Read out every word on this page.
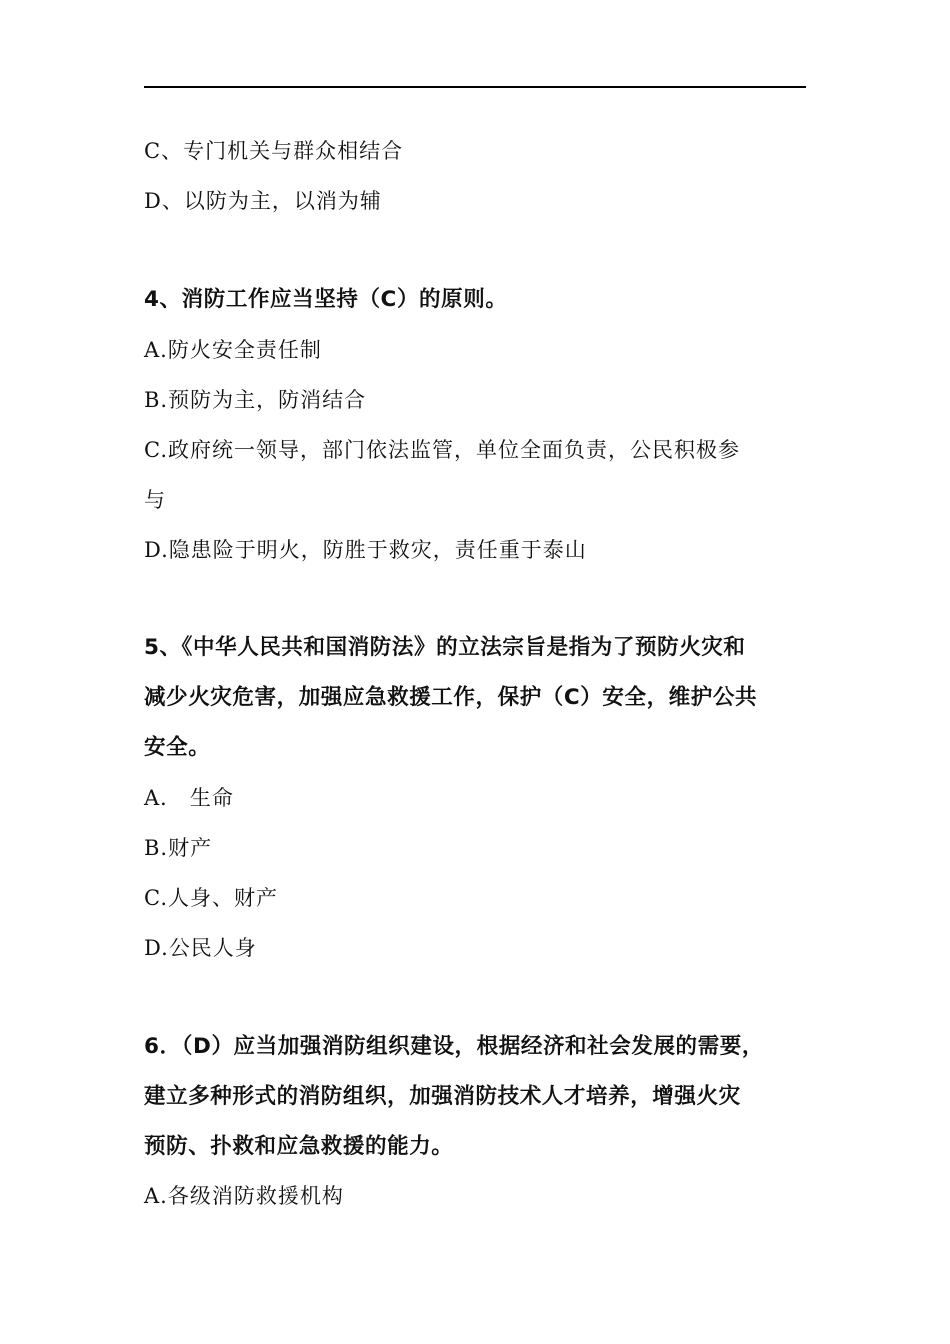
C、专门机关与群众相结合
D、以防为主，以消为辅
4、消防工作应当坚持（C）的原则。
A.防火安全责任制
B.预防为主，防消结合
C.政府统一领导，部门依法监管，单位全面负责，公民积极参
与
D.隐患险于明火，防胜于救灾，责任重于泰山
5、《中华人民共和国消防法》的立法宗旨是指为了预防火灾和
减少火灾危害，加强应急救援工作，保护（C）安全，维护公共
安全。
A． 生命
B.财产
C.人身、财产
D.公民人身
6．（D）应当加强消防组织建设，根据经济和社会发展的需要，
建立多种形式的消防组织，加强消防技术人才培养，增强火灾
预防、扑救和应急救援的能力。
A.各级消防救援机构
